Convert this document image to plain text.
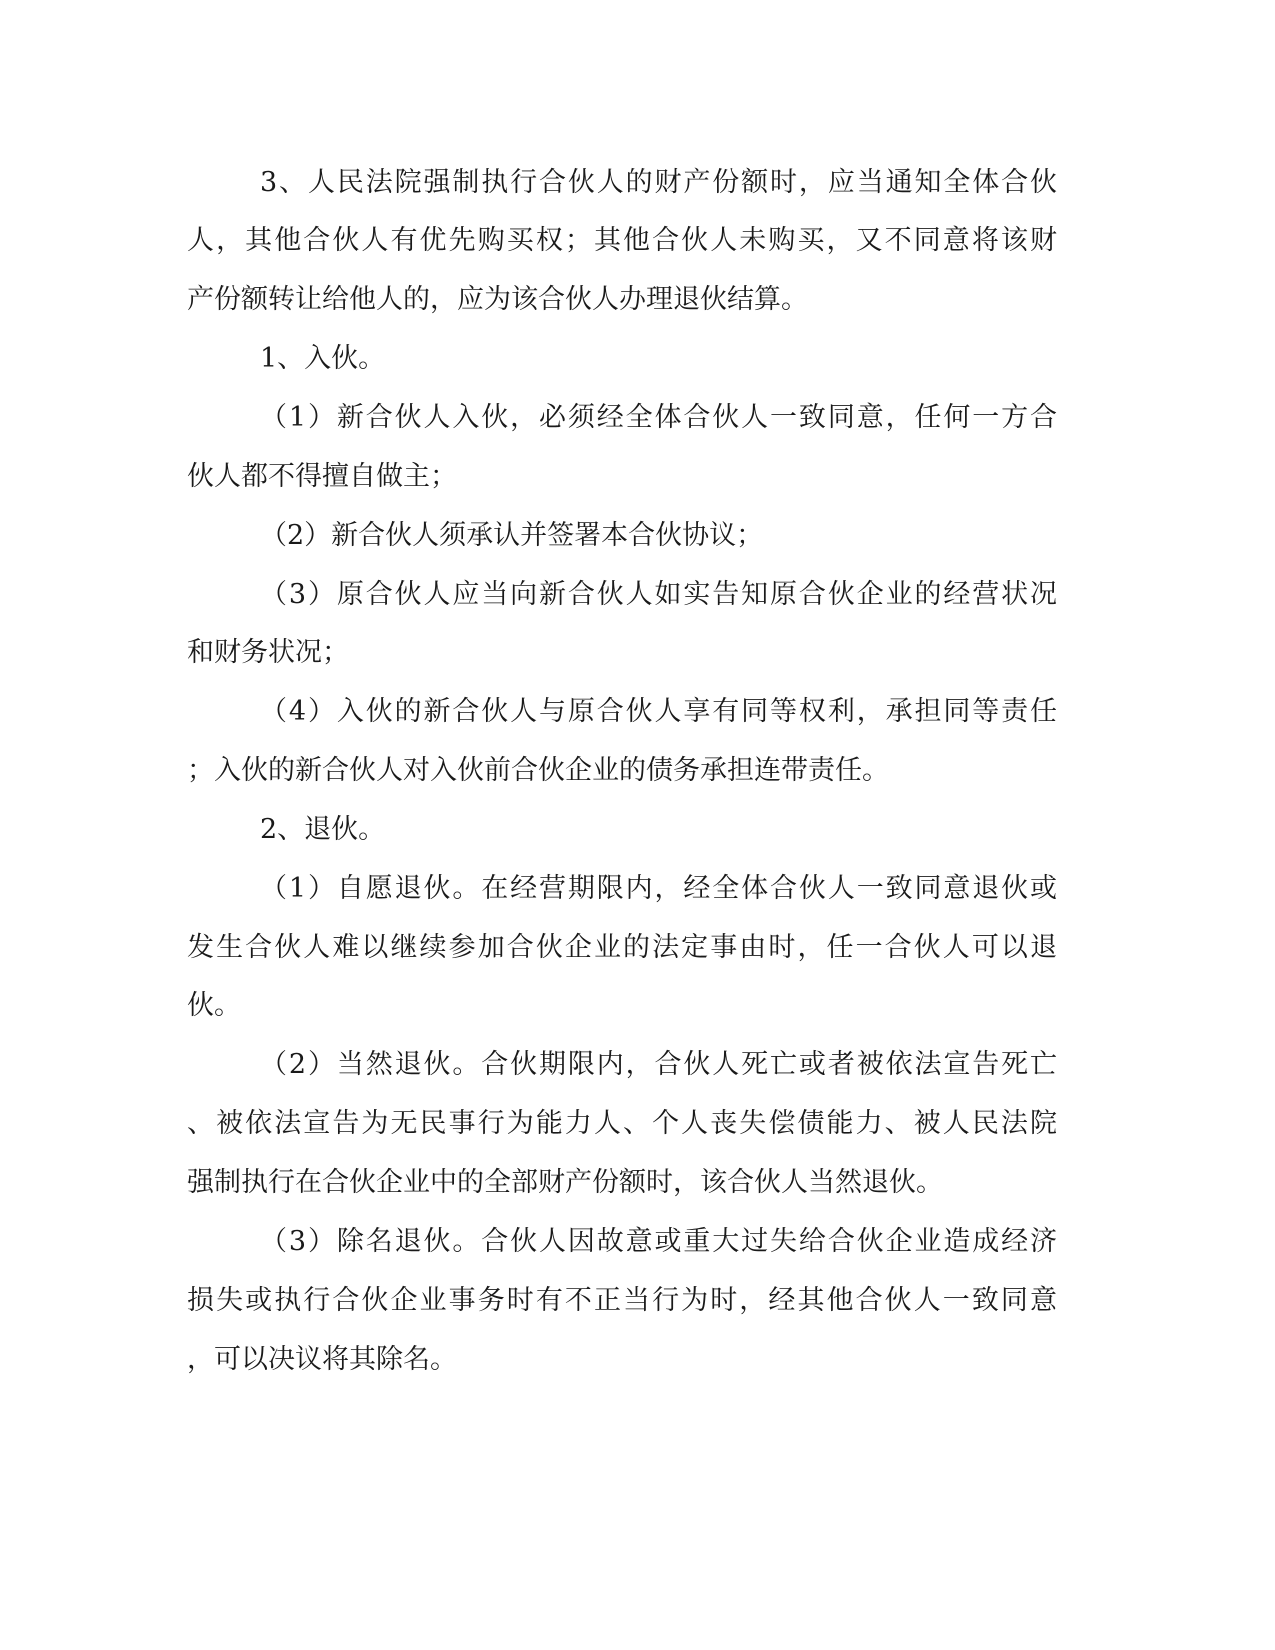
3、人民法院强制执行合伙人的财产份额时，应当通知全体合伙
人，其他合伙人有优先购买权；其他合伙人未购买，又不同意将该财
产份额转让给他人的，应为该合伙人办理退伙结算。
1、入伙。
（1）新合伙人入伙，必须经全体合伙人一致同意，任何一方合
伙人都不得擅自做主；
（2）新合伙人须承认并签署本合伙协议；
（3）原合伙人应当向新合伙人如实告知原合伙企业的经营状况
和财务状况；
（4）入伙的新合伙人与原合伙人享有同等权利，承担同等责任
；入伙的新合伙人对入伙前合伙企业的债务承担连带责任。
2、退伙。
（1）自愿退伙。在经营期限内，经全体合伙人一致同意退伙或
发生合伙人难以继续参加合伙企业的法定事由时，任一合伙人可以退
伙。
（2）当然退伙。合伙期限内，合伙人死亡或者被依法宣告死亡
、被依法宣告为无民事行为能力人、个人丧失偿债能力、被人民法院
强制执行在合伙企业中的全部财产份额时，该合伙人当然退伙。
（3）除名退伙。合伙人因故意或重大过失给合伙企业造成经济
损失或执行合伙企业事务时有不正当行为时，经其他合伙人一致同意
，可以决议将其除名。
